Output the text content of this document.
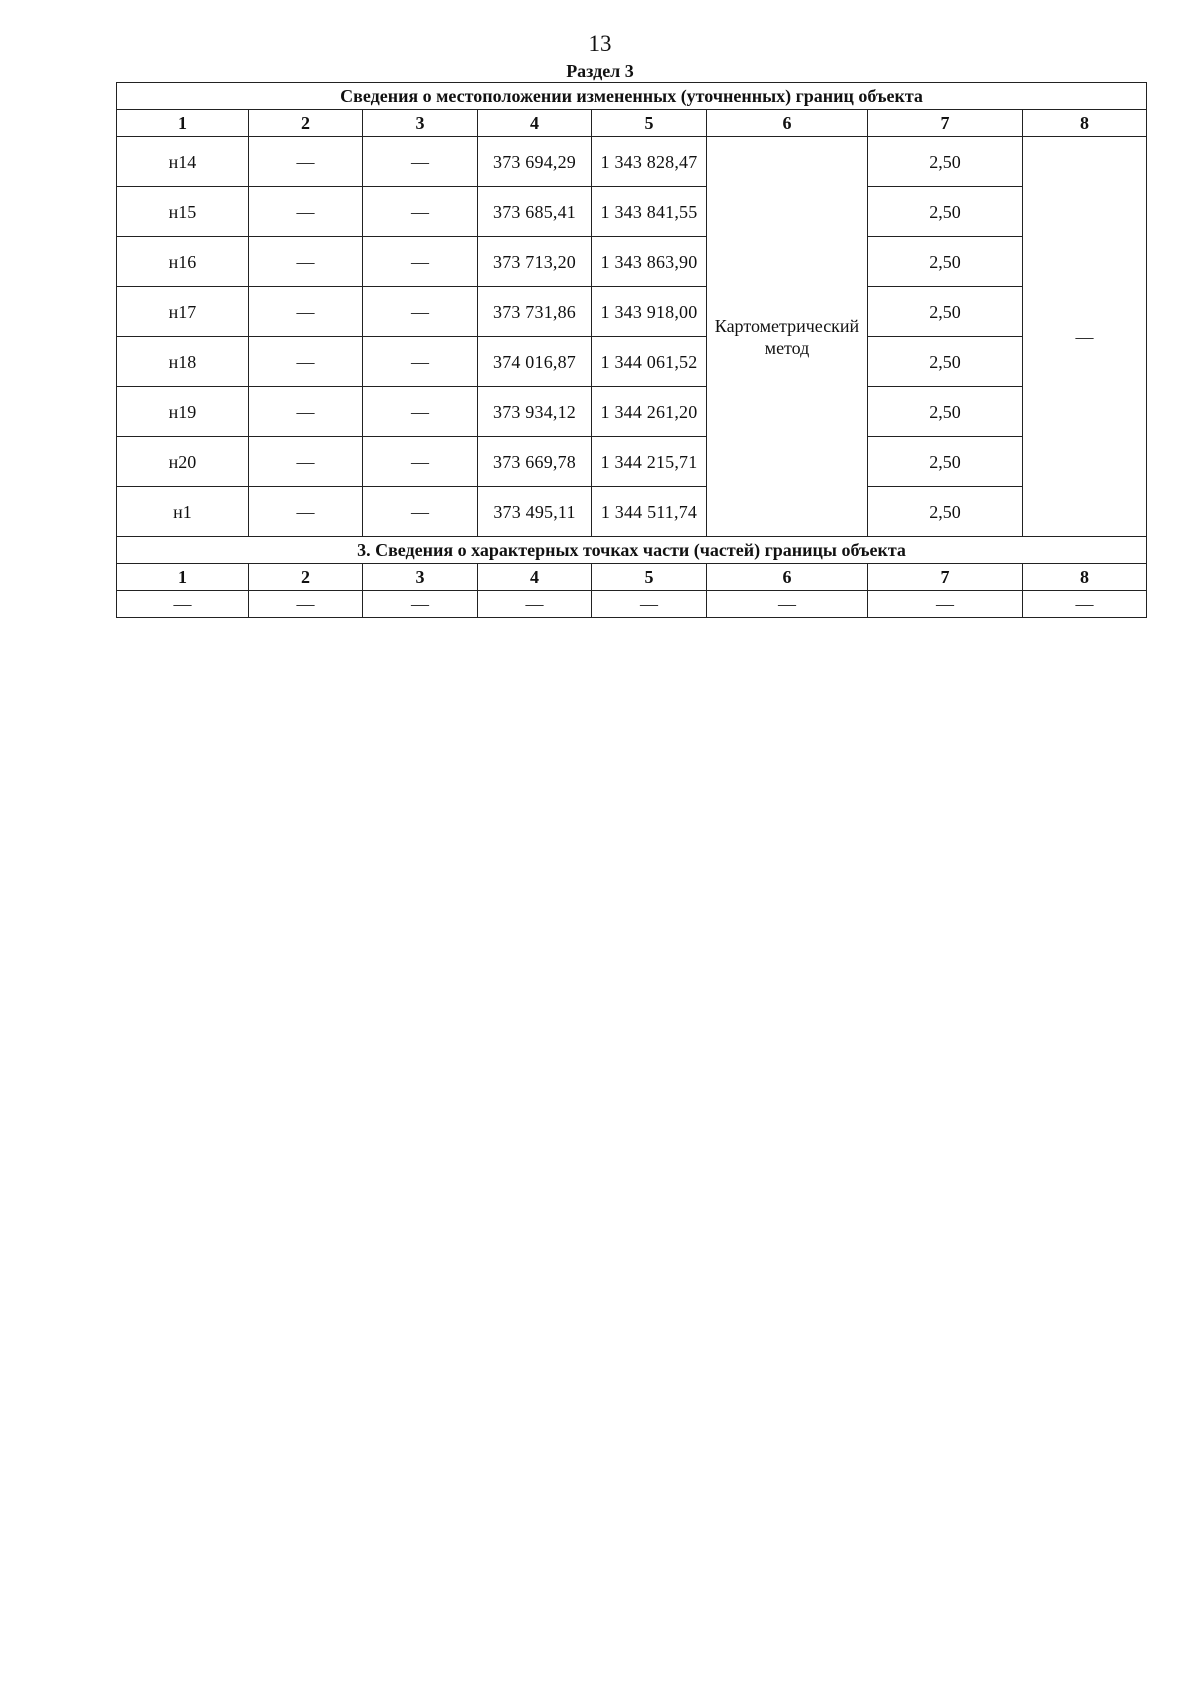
13
Раздел 3
Сведения о местоположении измененных (уточненных) границ объекта							
1	2	3	4	5	6	7	8
н14	—	—	373 694,29	1 343 828,47	Картометрический метод	2,50	—
н15	—	—	373 685,41	1 343 841,55		2,50	
н16	—	—	373 713,20	1 343 863,90		2,50	
н17	—	—	373 731,86	1 343 918,00		2,50	
н18	—	—	374 016,87	1 344 061,52		2,50	
н19	—	—	373 934,12	1 344 261,20		2,50	
н20	—	—	373 669,78	1 344 215,71		2,50	
н1	—	—	373 495,11	1 344 511,74		2,50	
3. Сведения о характерных точках части (частей) границы объекта							
1	2	3	4	5	6	7	8
—	—	—	—	—	—	—	—
